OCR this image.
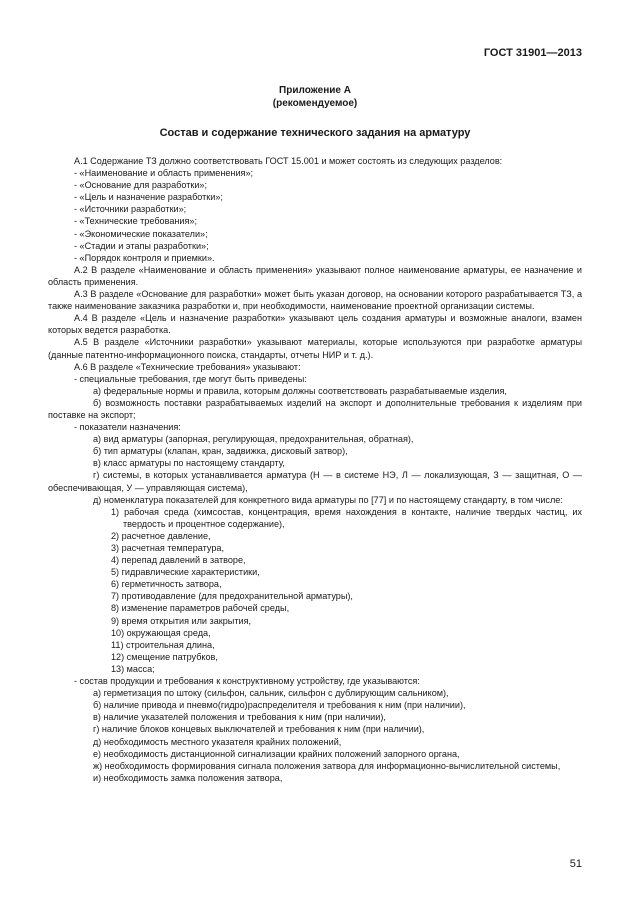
ГОСТ 31901—2013
Приложение А
(рекомендуемое)
Состав и содержание технического задания на арматуру

А.1 Содержание ТЗ должно соответствовать ГОСТ 15.001 и может состоять из следующих разделов:

- «Наименование и область применения»;

- «Основание для разработки»;

- «Цель и назначение разработки»;

- «Источники разработки»;

- «Технические требования»;

- «Экономические показатели»;

- «Стадии и этапы разработки»;

- «Порядок контроля и приемки».

А.2 В разделе «Наименование и область применения» указывают полное наименование арматуры, ее назначение и область применения.

А.3 В разделе «Основание для разработки» может быть указан договор, на основании которого разрабатывается ТЗ, а также наименование заказчика разработки и, при необходимости, наименование проектной организации системы.

А.4 В разделе «Цель и назначение разработки» указывают цель создания арматуры и возможные аналоги, взамен которых ведется разработка.

А.5 В разделе «Источники разработки» указывают материалы, которые используются при разработке арматуры (данные патентно-информационного поиска, стандарты, отчеты НИР и т. д.).

А.6 В разделе «Технические требования» указывают:

- специальные требования, где могут быть приведены:

а) федеральные нормы и правила, которым должны соответствовать разрабатываемые изделия,

б) возможность поставки разрабатываемых изделий на экспорт и дополнительные требования к изделиям при поставке на экспорт;

- показатели назначения:

а) вид арматуры (запорная, регулирующая, предохранительная, обратная),

б) тип арматуры (клапан, кран, задвижка, дисковый затвор),

в) класс арматуры по настоящему стандарту,

г) системы, в которых устанавливается арматура (Н — в системе НЭ, Л — локализующая, З — защитная, О — обеспечивающая, У — управляющая система),

д) номенклатура показателей для конкретного вида арматуры по [77] и по настоящему стандарту, в том числе:

1) рабочая среда (химсостав, концентрация, время нахождения в контакте, наличие твердых частиц, их твердость и процентное содержание),

2) расчетное давление,

3) расчетная температура,

4) перепад давлений в затворе,

5) гидравлические характеристики,

6) герметичность затвора,

7) противодавление (для предохранительной арматуры),

8) изменение параметров рабочей среды,

9) время открытия или закрытия,

10) окружающая среда,

11) строительная длина,

12) смещение патрубков,

13) масса;

- состав продукции и требования к конструктивному устройству, где указываются:

а) герметизация по штоку (сильфон, сальник, сильфон с дублирующим сальником),

б) наличие привода и пневмо(гидро)распределителя и требования к ним (при наличии),

в) наличие указателей положения и требования к ним (при наличии),

г) наличие блоков концевых выключателей и требования к ним (при наличии),

д) необходимость местного указателя крайних положений,

е) необходимость дистанционной сигнализации крайних положений запорного органа,

ж) необходимость формирования сигнала положения затвора для информационно-вычислительной системы,

и) необходимость замка положения затвора,

51
